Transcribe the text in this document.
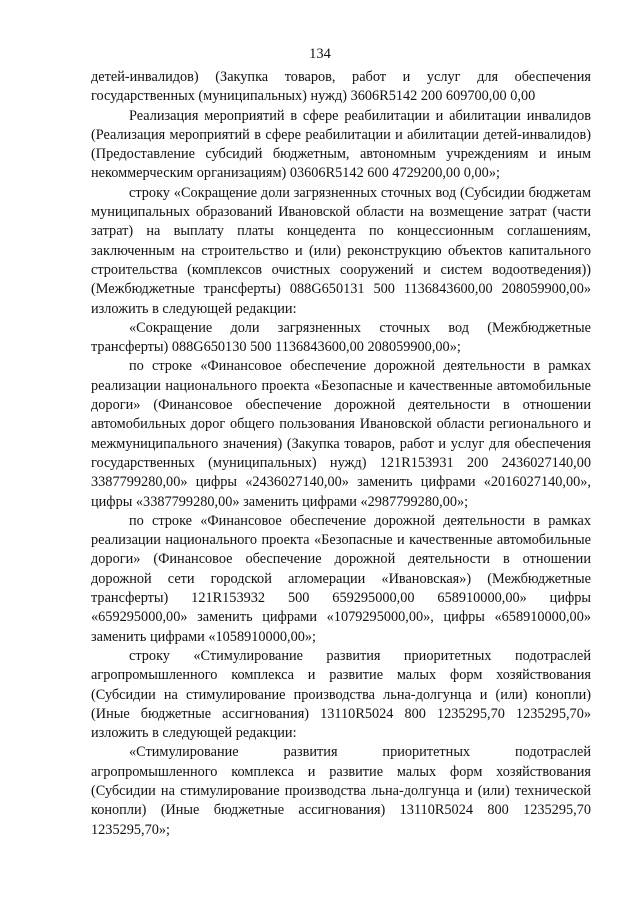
134

детей-инвалидов) (Закупка товаров, работ и услуг для обеспечения государственных (муниципальных) нужд) 3606R5142 200 609700,00 0,00

Реализация мероприятий в сфере реабилитации и абилитации инвалидов (Реализация мероприятий в сфере реабилитации и абилитации детей-инвалидов) (Предоставление субсидий бюджетным, автономным учреждениям и иным некоммерческим организациям) 03606R5142 600 4729200,00 0,00»;

строку «Сокращение доли загрязненных сточных вод (Субсидии бюджетам муниципальных образований Ивановской области на возмещение затрат (части затрат) на выплату платы концедента по концессионным соглашениям, заключенным на строительство и (или) реконструкцию объектов капитального строительства (комплексов очистных сооружений и систем водоотведения)) (Межбюджетные трансферты) 088G650131 500 1136843600,00 208059900,00» изложить в следующей редакции:

«Сокращение доли загрязненных сточных вод (Межбюджетные трансферты) 088G650130 500 1136843600,00 208059900,00»;

по строке «Финансовое обеспечение дорожной деятельности в рамках реализации национального проекта «Безопасные и качественные автомобильные дороги» (Финансовое обеспечение дорожной деятельности в отношении автомобильных дорог общего пользования Ивановской области регионального и межмуниципального значения) (Закупка товаров, работ и услуг для обеспечения государственных (муниципальных) нужд) 121R153931 200 2436027140,00 3387799280,00» цифры «2436027140,00» заменить цифрами «2016027140,00», цифры «3387799280,00» заменить цифрами «2987799280,00»;

по строке «Финансовое обеспечение дорожной деятельности в рамках реализации национального проекта «Безопасные и качественные автомобильные дороги» (Финансовое обеспечение дорожной деятельности в отношении дорожной сети городской агломерации «Ивановская») (Межбюджетные трансферты) 121R153932 500 659295000,00 658910000,00» цифры «659295000,00» заменить цифрами «1079295000,00», цифры «658910000,00» заменить цифрами «1058910000,00»;

строку «Стимулирование развития приоритетных подотраслей агропромышленного комплекса и развитие малых форм хозяйствования (Субсидии на стимулирование производства льна-долгунца и (или) конопли) (Иные бюджетные ассигнования) 13110R5024 800 1235295,70 1235295,70» изложить в следующей редакции:

«Стимулирование развития приоритетных подотраслей агропромышленного комплекса и развитие малых форм хозяйствования (Субсидии на стимулирование производства льна-долгунца и (или) технической конопли) (Иные бюджетные ассигнования) 13110R5024 800 1235295,70 1235295,70»;
